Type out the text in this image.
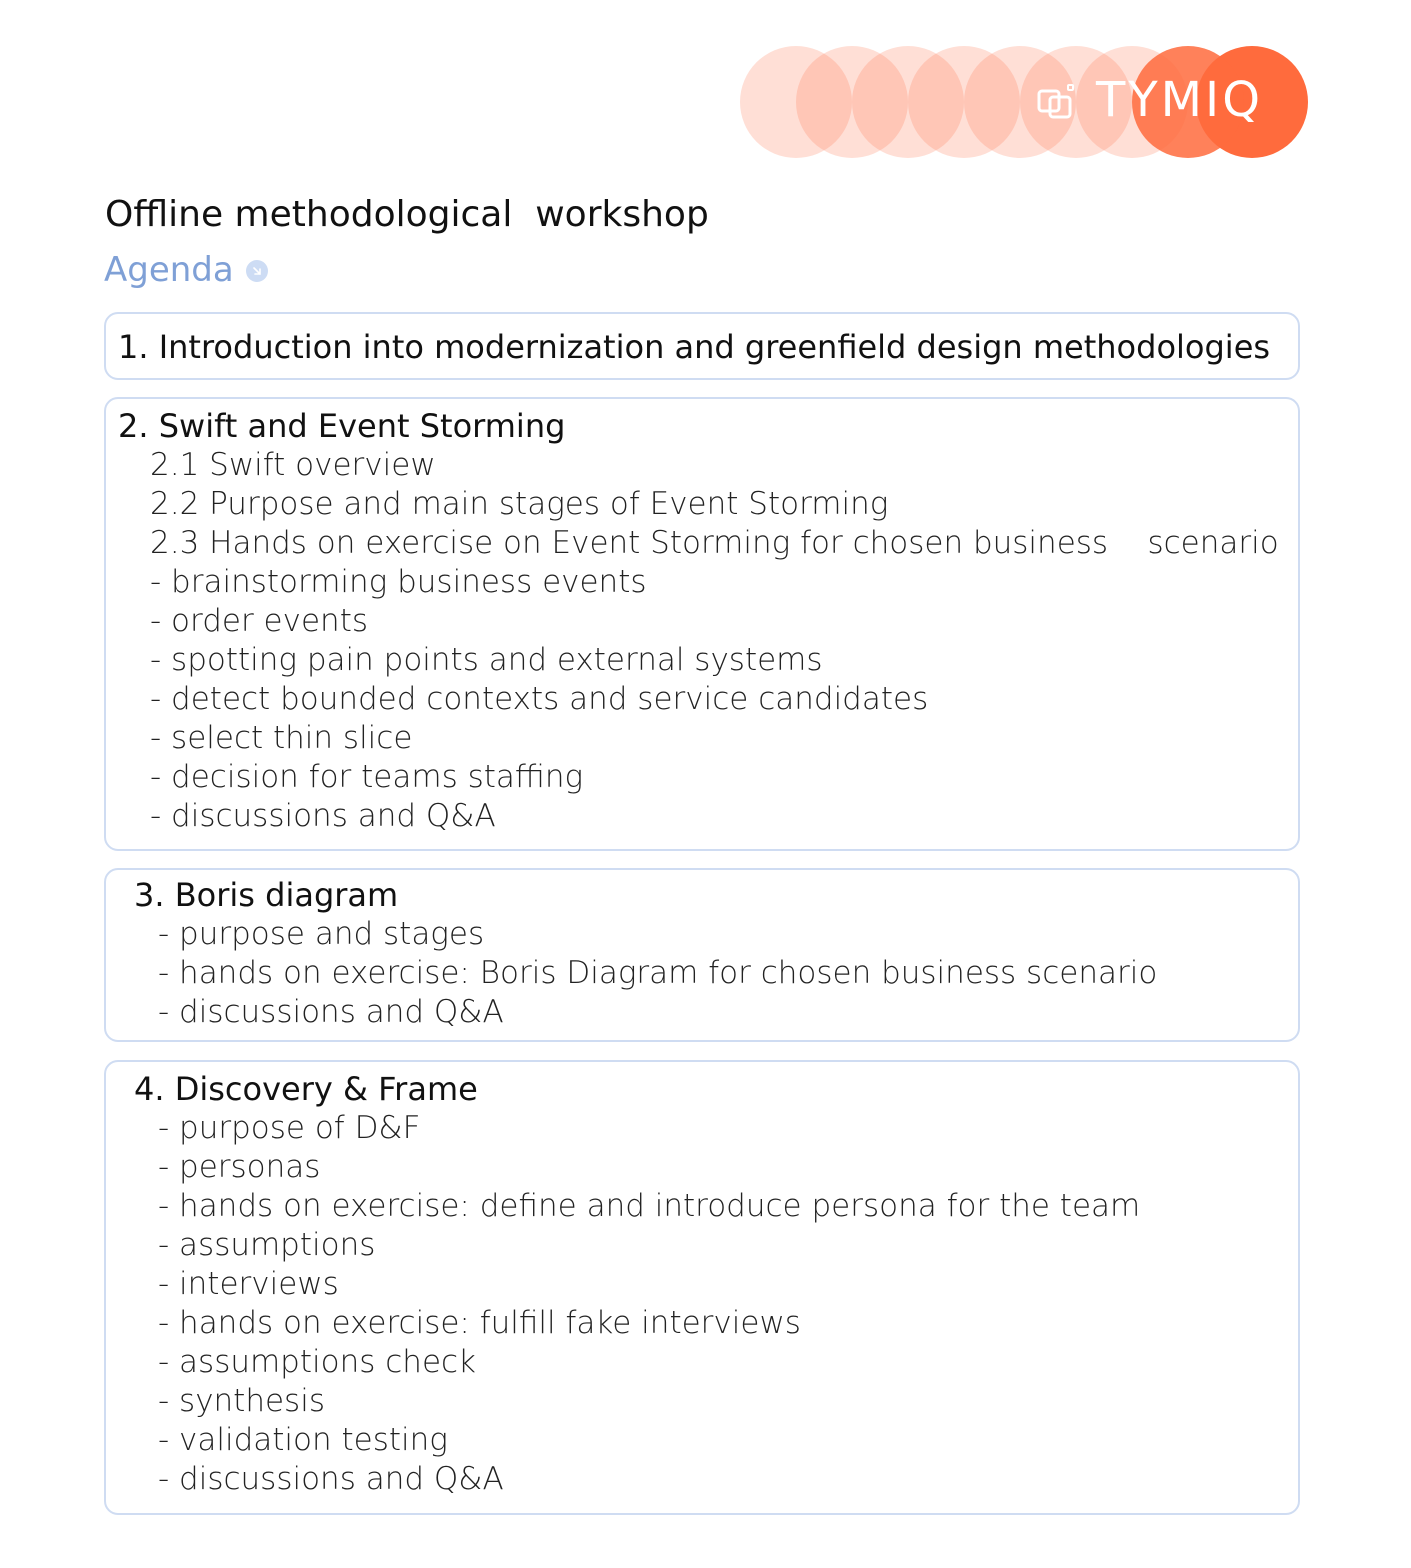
TYMIQ
Offline methodological  workshop
Agenda
1. Introduction into modernization and greenfield design methodologies
2. Swift and Event Storming
2.1 Swift overview
2.2 Purpose and main stages of Event Storming
2.3 Hands on exercise on Event Storming for chosen business    scenario
- brainstorming business events
- order events
- spotting pain points and external systems
- detect bounded contexts and service candidates
- select thin slice
- decision for teams staffing
- discussions and Q&A
3. Boris diagram
- purpose and stages
- hands on exercise: Boris Diagram for chosen business scenario
- discussions and Q&A
4. Discovery & Frame
- purpose of D&F
- personas
- hands on exercise: define and introduce persona for the team
- assumptions
- interviews
- hands on exercise: fulfill fake interviews
- assumptions check
- synthesis
- validation testing
- discussions and Q&A
